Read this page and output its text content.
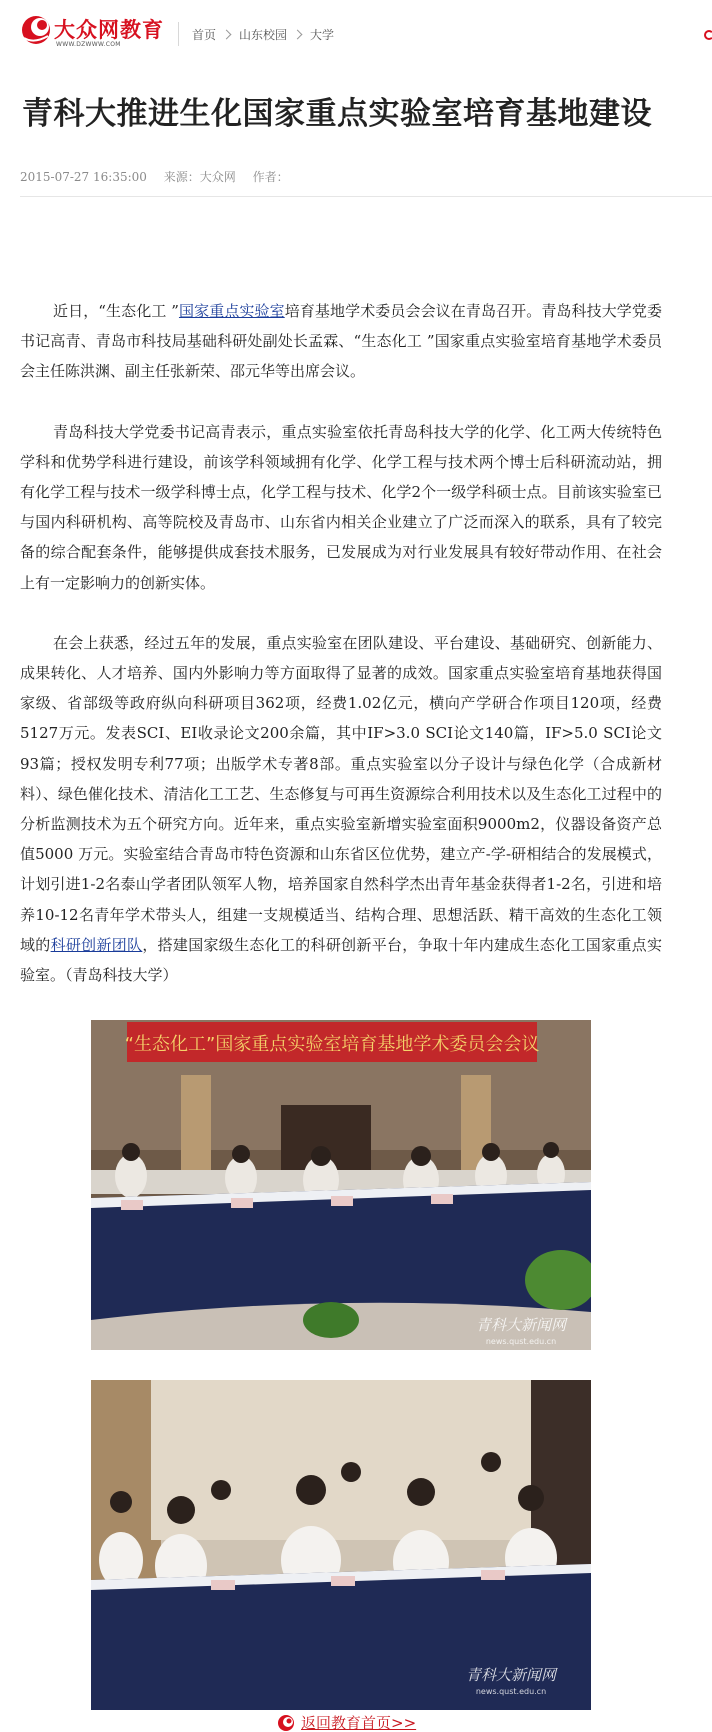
大众网教育
WWW.DZWWW.COM
首页 山东校园 大学
青科大推进生化国家重点实验室培育基地建设
2015-07-27 16:35:00 来源：大众网 作者：

近日，“生态化工 ”国家重点实验室培育基地学术委员会会议在青岛召开。青岛科技大学党委书记高青、青岛市科技局基础科研处副处长孟霖、“生态化工 ”国家重点实验室培育基地学术委员会主任陈洪渊、副主任张新荣、邵元华等出席会议。

青岛科技大学党委书记高青表示，重点实验室依托青岛科技大学的化学、化工两大传统特色学科和优势学科进行建设，前该学科领域拥有化学、化学工程与技术两个博士后科研流动站，拥有化学工程与技术一级学科博士点，化学工程与技术、化学2个一级学科硕士点。目前该实验室已与国内科研机构、高等院校及青岛市、山东省内相关企业建立了广泛而深入的联系，具有了较完备的综合配套条件，能够提供成套技术服务，已发展成为对行业发展具有较好带动作用、在社会上有一定影响力的创新实体。

在会上获悉，经过五年的发展，重点实验室在团队建设、平台建设、基础研究、创新能力、成果转化、人才培养、国内外影响力等方面取得了显著的成效。国家重点实验室培育基地获得国家级、省部级等政府纵向科研项目362项，经费1.02亿元，横向产学研合作项目120项，经费5127万元。发表SCI、EI收录论文200余篇，其中IF>3.0 SCI论文140篇，IF>5.0 SCI论文93篇；授权发明专利77项；出版学术专著8部。重点实验室以分子设计与绿色化学（合成新材料）、绿色催化技术、清洁化工工艺、生态修复与可再生资源综合利用技术以及生态化工过程中的分析监测技术为五个研究方向。近年来，重点实验室新增实验室面积9000m2，仪器设备资产总值5000 万元。实验室结合青岛市特色资源和山东省区位优势，建立产-学-研相结合的发展模式，计划引进1-2名泰山学者团队领军人物，培养国家自然科学杰出青年基金获得者1-2名，引进和培养10-12名青年学术带头人，组建一支规模适当、结构合理、思想活跃、精干高效的生态化工领域的科研创新团队，搭建国家级生态化工的科研创新平台，争取十年内建成生态化工国家重点实验室。（青岛科技大学）

“生态化工”国家重点实验室培育基地学术委员会会议
青科大新闻网
news.qust.edu.cn
青科大新闻网
news.qust.edu.cn
返回教育首页>>
